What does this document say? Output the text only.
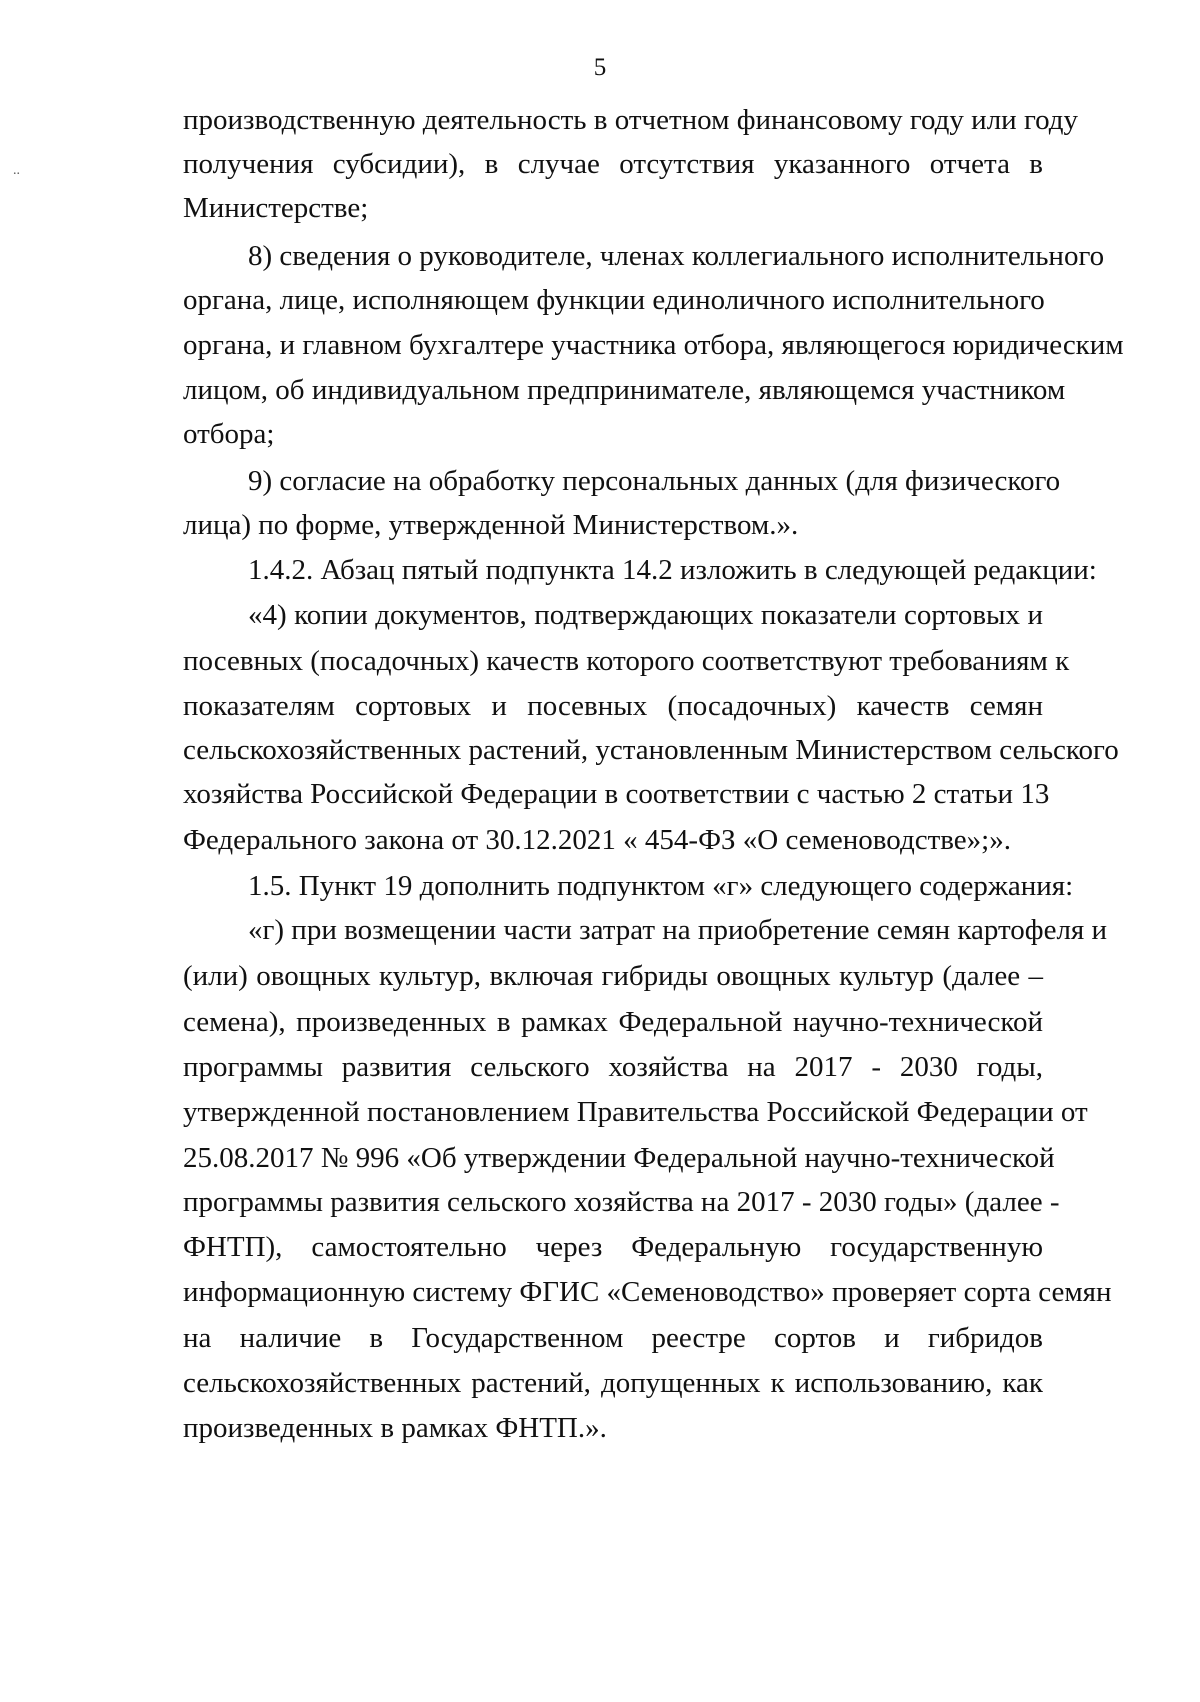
5
..
производственную деятельность в отчетном финансовому году или году
получения субсидии), в случае отсутствия указанного отчета в
Министерстве;
8) сведения о руководителе, членах коллегиального исполнительного
органа, лице, исполняющем функции единоличного исполнительного
органа, и главном бухгалтере участника отбора, являющегося юридическим
лицом, об индивидуальном предпринимателе, являющемся участником
отбора;
9) согласие на обработку персональных данных (для физического
лица) по форме, утвержденной Министерством.».
1.4.2. Абзац пятый подпункта 14.2 изложить в следующей редакции:
«4) копии документов, подтверждающих показатели сортовых и
посевных (посадочных) качеств которого соответствуют требованиям к
показателям сортовых и посевных (посадочных) качеств семян
сельскохозяйственных растений, установленным Министерством сельского
хозяйства Российской Федерации в соответствии с частью 2 статьи 13
Федерального закона от 30.12.2021 « 454-ФЗ «О семеноводстве»;».
1.5. Пункт 19 дополнить подпунктом «г» следующего содержания:
«г) при возмещении части затрат на приобретение семян картофеля и
(или) овощных культур, включая гибриды овощных культур (далее –
семена), произведенных в рамках Федеральной научно-технической
программы развития сельского хозяйства на 2017 - 2030 годы,
утвержденной постановлением Правительства Российской Федерации от
25.08.2017 № 996 «Об утверждении Федеральной научно-технической
программы развития сельского хозяйства на 2017 - 2030 годы» (далее -
ФНТП), самостоятельно через Федеральную государственную
информационную систему ФГИС «Семеноводство» проверяет сорта семян
на наличие в Государственном реестре сортов и гибридов
сельскохозяйственных растений, допущенных к использованию, как
произведенных в рамках ФНТП.».
